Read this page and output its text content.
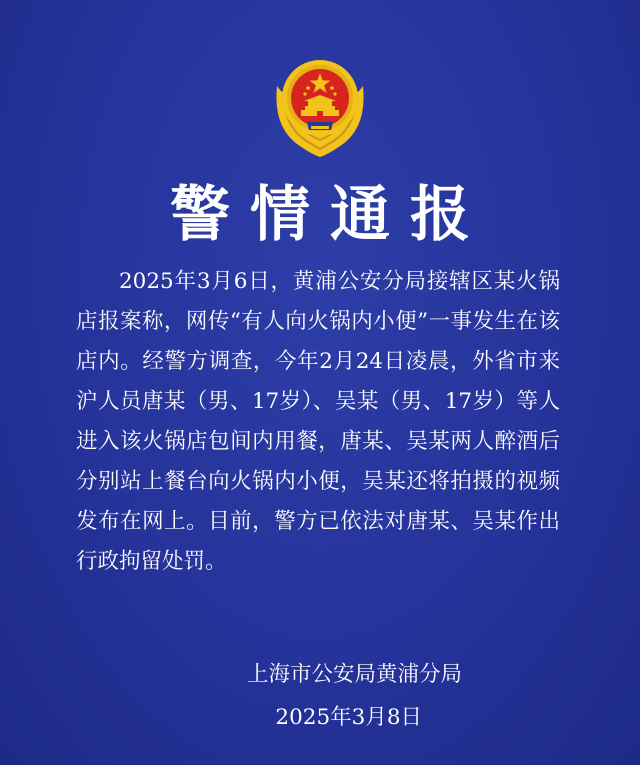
警情通报
2025年3月6日，黄浦公安分局接辖区某火锅店报案称，网传“有人向火锅内小便”一事发生在该店内。经警方调查，今年2月24日凌晨，外省市来沪人员唐某（男、17岁）、吴某（男、17岁）等人进入该火锅店包间内用餐，唐某、吴某两人醉酒后分别站上餐台向火锅内小便，吴某还将拍摄的视频发布在网上。目前，警方已依法对唐某、吴某作出行政拘留处罚。
上海市公安局黄浦分局
2025年3月8日
